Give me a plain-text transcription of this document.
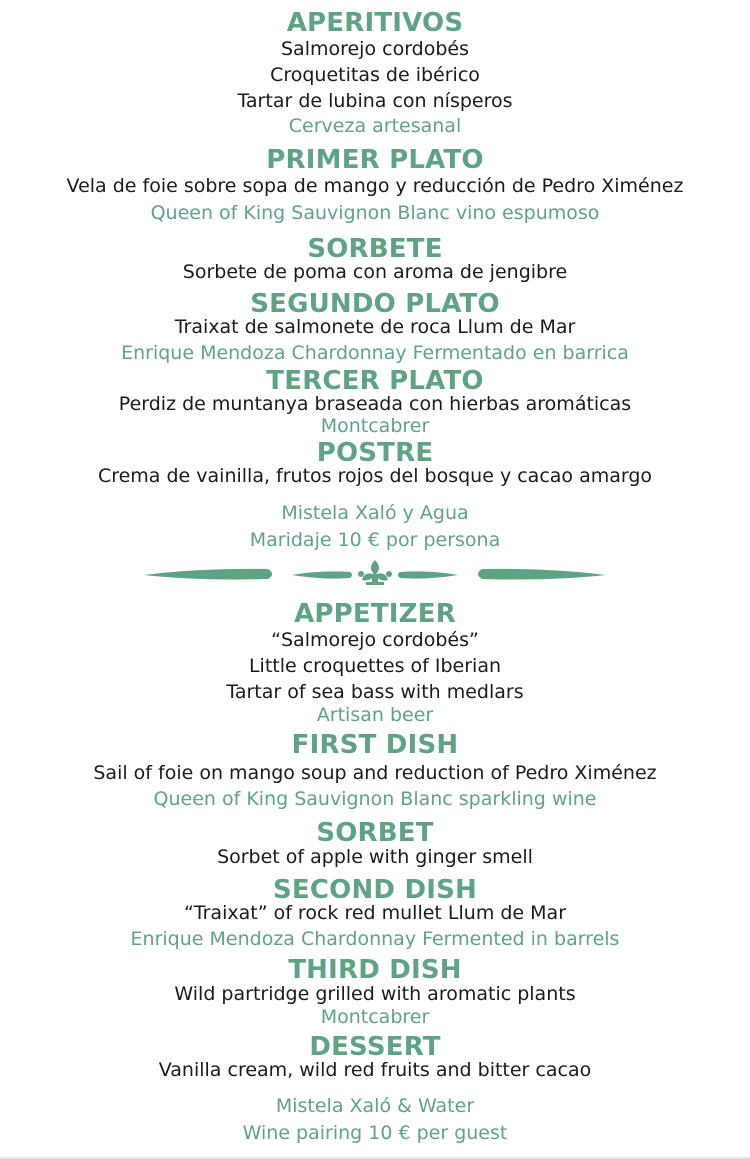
APERITIVOS
Salmorejo cordobés
Croquetitas de ibérico
Tartar de lubina con nísperos
Cerveza artesanal
PRIMER PLATO
Vela de foie sobre sopa de mango y reducción de Pedro Ximénez
Queen of King Sauvignon Blanc vino espumoso
SORBETE
Sorbete de poma con aroma de jengibre
SEGUNDO PLATO
Traixat de salmonete de roca Llum de Mar
Enrique Mendoza Chardonnay Fermentado en barrica
TERCER PLATO
Perdiz de muntanya braseada con hierbas aromáticas
Montcabrer
POSTRE
Crema de vainilla, frutos rojos del bosque y cacao amargo
Mistela Xaló y Agua
Maridaje 10 € por persona
APPETIZER
“Salmorejo cordobés”
Little croquettes of Iberian
Tartar of sea bass with medlars
Artisan beer
FIRST DISH
Sail of foie on mango soup and reduction of Pedro Ximénez
Queen of King Sauvignon Blanc sparkling wine
SORBET
Sorbet of apple with ginger smell
SECOND DISH
“Traixat” of rock red mullet Llum de Mar
Enrique Mendoza Chardonnay Fermented in barrels
THIRD DISH
Wild partridge grilled with aromatic plants
Montcabrer
DESSERT
Vanilla cream, wild red fruits and bitter cacao
Mistela Xaló & Water
Wine pairing 10 € per guest
